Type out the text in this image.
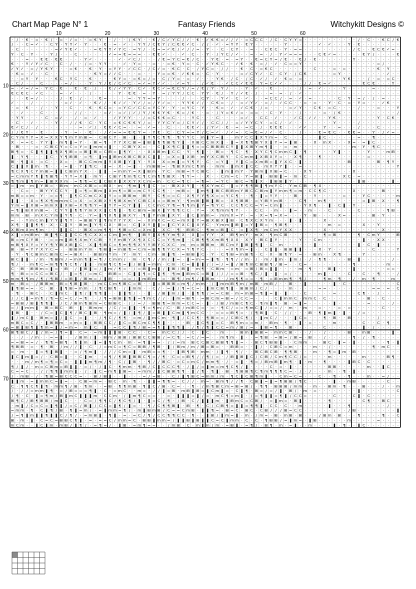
Chart Map Page N° 1	Fantasy Friends	Witchykitt Designs ©
· / · € · = · € / · = · ✓ = · · = € Y · · / · · / € Y · · € / C ✓ Y C / ✓ · € · ✓ € € = ✓ / ✓ · = C C C · / C · C Y Y = · · · · · · · · · · · / · C · · € C / €
/ · · C = ✓ · · C Y · Y Y ✓ · Y · · · € · = · ✓ · · Y Y / C € Y / C € € ✓ C · / / · ✓ · = Y Y · € Y · · · · · · Y · · · · · · ✓ · ✓ · · · Y · € · · · · · · · ·
· C · · · · · · · = ✓ Y € ✓ · · · = € Y Y ✓ Y C · = Y / · C = = ✓ € / ✓ / / = · Y · · C · C Y · · = · · C € C · Y · = = · · · · · · · · · · / C · · € C € ✓ = ·
Y · C · Y · · · Y / · · · C · · · · · · ✓ = = € = = = · · € € ✓ · · · ✓ · C · · Y · / Y C / ✓ · · = · = · / · Y ✓ = = = · · · C € ✓ = · · · · · € Y / · · · · €
· · · = · · € € · € € · · · · Y ✓ · · · · · ✓ · ✓ C / · · · / € = Y C = € / C · · Y € · = · = Y · · € = C Y = / € · · € / · € · · · · · · · Y · · · · · · · · ·
€ · · Y ✓ Y ✓ C · · C · / · · / = · Y Y · · · ✓ · Y = · · = · · = € · Y = · C · ✓ Y € C · · ✓ € · € · = / · ✓ · C = = Y · · · · · · · · · · · · · · · = / · · ·
✓ Y ✓ · = / Y € Y · · · = € · · € · Y · = Y Y · ✓ C C · / C ✓ = · € C · C · / Y C = · / / · · € · C · = € C · · · · · · · · C · · · = · = · · · · · · € · Y · ·
· € = · ✓ · · C · · · · · · · · · € Y = ✓ ✓ C · · · = · · · Y = = € · ✓ € € = · C · Y · · · · = ✓ C Y ✓ · C · C Y · / C € · · · · · = Y · · · · · · · · · ✓ · ·
· · = Y · Y · · · € C · Y C · · € · · · · € Y = · = € = / = · C / Y = · = · ✓ · · · Y € · / C · / C · ✓ / · ✓ · € = · = · · · · · · · · Y € · · · / · = · = C ·
· C / · · · C · · · · = / · · · Y · Y / € / C ✓ C · = ✓ = Y ✓ ✓ · · ✓ = Y · · / ✓ € · · ✓ C C ✓ € € · Y = C ✓ ✓ · · · · / / · € = ✓ · · · · · · € C € · · · Y ·
= · ✓ = / = · Y C · € · · € · € · / · · € / ✓ Y Y · C ✓ · € C ✓ = € C Y / = / € / Y · Y / · · · Y · ✓ · · € · · · · · / · = · ✓ · · · · Y · · · · · = · · · · ·
€ C € C · ✓ C · · · = · ✓ · · · / · · · · · Y · € € · = · Y · = / Y Y / C C · Y Y · € / · Y / ✓ € · / · · = · = · / · ✓ · · · · · · · · · · · · · · · · · · · ·
· · · € = / · · · · / · € · / · · · € = · · · · = · Y Y = = Y · · · · / · · · C Y · · Y ✓ · C · ✓ · · · = C C / · = · ✓ · = · · · · · C · Y · = / · / · = · · ·
✓ · · · / · · · · · · = ✓ · ✓ · · € ✓ / · € ✓ ✓ · Y ✓ / = / Y ✓ = · · Y Y € ✓ / · C € = · / · = ✓ Y ✓ · = / · ✓ C C · · = · = · · Y · C · = · Y = · · · ✓ € · ·
· = · € · · / · · Y · · C · · · € · € C = · = Y C ✓ C C = Y C Y · Y · = Y C · Y · · € = · ✓ · ✓ C € · / = · · · · = ✓ Y · · C € · = C · · · · / · · · = · · · Y
· · ✓ · · · C · · · · · · / / · · · · = ✓ · = ✓ / ✓ / Y / € € Y € · € = / € · · = · / Y = € ✓ = · = = · · C · Y · · · / · · · · = · / € · · · · · · · · · · · /
· Y Y · · · · C · = ✓ · · / · = · ✓ · · · ✓ Y Y Y · · / = C € € = C · · · Y C · · · C · · · · = ✓ · · C C · ✓ · · · ✓ C · ✓ ✓ · · Y € · · · · · · · · Y · C € ·
· C · · ✓ · · · · Y · · / / € · C · Y C · = € C € € Y / = · Y Y C Y = / C Y ✓ / · C C / / · = ✓ Y Y C Y · = C / · ✓ · · · · · · · · Y · · · · / · · · · · · · ·
€ ✓ C / · / · · · · · · · · = · ✓ / · € € ✓ C = · · = · ✓ = · · C · · · € € ✓ · / Y ✓ · € · = · = C · / · € € € · · · ✓ ✓ · · · Y · · = · · · / · · · C · · · ·
/ / € Y · · € · · · · Y · = · · € · · / ✓ = = = € € Y = · Y € · C · C Y = = Y / C = ✓ · / ✓ = · C = € = / ✓ · C · · · / · · · € = € C · · € € = · · Y · / ✓ = ·
C Y m Y Y = X = X X Y ¶ m Y m ⊞ = · C ⊞ C Y · ⊞ · ❚ · ❚ Y ¶ C ¶ ¶ · ¶ Y Y C · m ❚ Y = ❚ · · m Y C C ❚ X Y m = · C · · · · · · ❚ C · · · · · · = · · ¶ · · · · ·
X · = = C · Y Y ❚ · m ¶ ❚ = Y · · ⊞ = ¶ · Y Y X C ⊞ = ❚ ⊞ ❚ ¶ ¶ ⊞ ¶ Y ❚ · X ⊞ C C m X ❚ · ❚ = X ¶ ¶ ⊞ Y X ❚ Y = = ❚ ⊞ · · · X · m X · · · X = · = ❚ C · · · · ·
· ⊞ · · · = · C ⊞ C Y = C = Y = ❚ m m = ❚ · · C ⊞ Y X = · · C ❚ X ¶ C ❚ ❚ ¶ = = C ⊞ ⊞ ⊞ C Y ❚ ❚ X ⊞ Y m ¶ ❚ · · = · m · · · · · · · · · · · m · Y · ¶ C · · · ·
⊞ ¶ = · C ❚ ¶ ❚ ❚ ¶ X ¶ ⊞ = = ⊞ ❚ ⊞ = C ⊞ = ❚ ¶ Y · · · X X ⊞ m ❚ C C · Y · ¶ ❚ · · ⊞ = · ¶ C · ¶ · X Y C ¶ C m m C ❚ · ¶ · · · · · Y ❚ · · · · · Y · · · m ⊞ ·
❚ · Y ¶ · · · ❚ C · Y ¶ ⊞ ⊞ · = ¶ · ❚ m ❚ ⊞ m X ⊞ C ⊞ X C ❚ ❚ · = X = ❚ X ⊞ · m Y X C ⊞ Y · C C m m ❚ X ⊞ X Y = · · X ¶ · · · ¶ · · · · · · · · · = · · · · · ·
⊞ · ¶ ❚ X · = C · · X = · · ⊞ C C m m ❚ Y X ⊞ ❚ Y ❚ Y · Y X · X = m ❚ = Y ¶ Y · C · = Y ❚ · Y ❚ C = X m ⊞ = ❚ Y X C · ❚ · · · · · · · · · ⊞ · · · · · ⊞ · ¶ Y ·
C ❚ ❚ X ❚ m · ¶ · · · = ❚ · Y ❚ ¶ C · ❚ = · X · = ❚ · · m ⊞ ⊞ = · ¶ ⊞ X m C ¶ m · · m m · ❚ m X ❚ C C · m X Y Y ❚ · · = · · · · · · · · · · · · · · · · · · · Y
¶ C X ¶ C Y m ⊞ = ❚ ❚ C ⊞ m Y X · · ❚ ❚ · = m m Y = X ❚ ⊞ m · Y C · m ⊞ = Y C ⊞ C · · ❚ m ❚ m Y · Y ⊞ m ❚ X ⊞ = C · · · X Y · · · · · · · · X · · · · · · · · ·
= C m m Y ¶ ❚ ¶ ⊞ ¶ · Y Y = X ❚ · m Y · C ⊞ Y ¶ m ¶ C ¶ C m ¶ ¶ ⊞ X · ¶ Y = · · X · · C m = C · Y = ⊞ ❚ · ⊞ ⊞ ❚ = · m · C · · · · · · · X C · = · · · · · · · ·
¶ ¶ m ❚ ¶ m = ❚ ⊞ X X m · = ¶ ¶ = C ❚ C ⊞ X ❚ X X Y X C m = m · C C = ¶ C · = ¶ = · = Y C · ⊞ C = ¶ ❚ X · ❚ ⊞ ⊞ ❚ Y · · · · · · · · · · · · · ❚ ⊞ · · · · · ❚ ·
= ❚ m · m ❚ Y ⊞ = · ⊞ m · m C X ⊞ = = ⊞ X · m · ¶ m ❚ ¶ ❚ C · = · ⊞ X X Y ❚ · ¶ X Y m C · ❚ = Y ¶ ¶ ⊞ ❚ ¶ m Y C · Y m C ⊞ · ¶ X · · · · · · · · · · · · · · · ·
· · C = · · ⊞ Y Y C C Y · ❚ = ¶ = ⊞ m ❚ X m ¶ = ⊞ = m C Y C C ¶ · · m ⊞ = · ❚ m ¶ ❚ ⊞ C ⊞ ⊞ m Y ⊞ C C ⊞ m ❚ Y m m ¶ = m · C C ¶ C · · · · · X · · · · · ⊞ · · ·
m ⊞ = = m · Y · = = ¶ · ❚ ¶ C C m C X ❚ Y = = ⊞ ⊞ m · ⊞ Y · C ¶ = = C · X ¶ Y Y ¶ X = = Y C ¶ · · ¶ · ❚ = Y Y · · · ⊞ · · · Y · · · · · = · · · Y C · · · · · m
❚ ❚ · · X = ¶ X ¶ m m m C = X · = X ⊞ X Y ¶ ⊞ X m Y C ⊞ C X = = ⊞ m Y · ¶ m ⊞ ❚ ⊞ ❚ ⊞ = · X ¶ ⊞ ⊞ · = Y ⊞ Y m ⊞ · · · C ¶ · · m ¶ · · · · · · · = ❚ ⊞ · X · · ¶
Y m = ❚ X ⊞ = m m X ❚ X ⊞ = X ¶ ¶ Y = ❚ Y Y = C Y ❚ ❚ · C C m C Y ¶ = ¶ ¶ m ❚ Y = ¶ Y C · C C ¶ C C = Y = C m ❚ · · · · Y X ¶ · · ❚ · C ❚ · Y · · · · · · · · ·
= ¶ ❚ ⊞ X m ⊞ = · C Y Y ❚ ¶ ¶ Y m X X ❚ C ¶ ❚ · ¶ C ⊞ m = ⊞ X ❚ Y ¶ ¶ C C · Y = · X ¶ m m ¶ Y · · · C C · · m · · ❚ = · · m · · · C · · · · · C · · · · · ¶ ⊞ ·
m m · ⊞ · m X C Y m ❚ Y ¶ · C · Y = ❚ ¶ X ¶ ❚ ⊞ X Y · ¶ ❚ Y m ⊞ ❚ X Y · ❚ C ❚ m m = · m m X = Y · = · X = ¶ = X = · · · Y · ⊞ · · · · X = · · · · · ⊞ · Y · · ·
= · · Y m C m ❚ Y Y ❚ ¶ Y · = ⊞ ⊞ Y ❚ ¶ m Y Y Y X · = · X m X C = C = m X ❚ Y = ⊞ X ⊞ X ❚ ⊞ · C ¶ X C X Y m · · · ❚ · ❚ · · · · X · · · · · · · · · · · · · · ·
X ¶ · ❚ ❚ ¶ ¶ · X · C ❚ Y · ⊞ m ❚ Y ¶ C X · ⊞ = · C ❚ X Y ❚ ❚ = ❚ C Y X C ❚ X Y C · Y m m ❚ ⊞ ❚ = Y ❚ ⊞ = · ¶ ⊞ ¶ · · · · · · · · m · = · · · · X · · Y · · · ·
X ⊞ m X m ¶ m · · · ❚ ❚ C · · ⊞ X = m ¶ ¶ · ¶ ⊞ = C = X m ❚ · X C · ¶ · ⊞ ⊞ C · ¶ m = ⊞ ❚ C · = ❚ X ¶ · m C m Y X X · · · · · · X · · · · · · · · · · · X · · ·
X ❚ = m ⊞ m · ⊞ ❚ ¶ C ❚ ❚ C C ¶ C X X = C m ❚ m ¶ · ❚ ⊞ Y ❚ X ¶ Y m ¶ X · X ❚ = Y Y · X · ⊞ ¶ m Y · m X · ¶ m C ⊞ · · · · · · · ¶ = ⊞ · · · · ¶ · C m Y · · · ⊞
⊞ = m C Y ⊞ · · = = m ❚ ⊞ ¶ X m Y C ⊞ · Y Y m ⊞ Y X ¶ X C C C = Y ¶ m ❚ · C ⊞ ¶ ¶ X m ⊞ ¶ X X · X Y · ⊞ C ❚ Y · · · · Y · · C m · · · · · · · · ❚ · · X X · · ·
m ⊞ ¶ X Y = Y Y ¶ Y ⊞ X ⊞ ❚ C · X ❚ ¶ ⊞ C = ¶ m ¶ ¶ X Y Y ⊞ Y C X C · m · m = ⊞ ⊞ m · ⊞ C m Y ❚ ⊞ ❚ ¶ ❚ · C · m · · · · · · ❚ · · · · · · · · ❚ · C · ❚ · · · ·
⊞ · ⊞ = Y Y X Y C = · · ⊞ ⊞ m Y m · ¶ ⊞ ❚ = m ⊞ ¶ = C m = ⊞ ¶ ¶ Y C X = Y ¶ Y C · · · · = X ¶ m = ❚ · · C ❚ ❚ · ⊞ ⊞ ❚ ❚ · · · X · Y · · · · · · · · C · · · · Y
· Y · ¶ C ⊞ m C ⊞ m C = = ⊞ X · · ⊞ ⊞ m Y m · Y · m Y · C m · ⊞ ❚ ¶ · = ⊞ ⊞ ❚ C · Y · C ¶ ⊞ = m ⊞ ¶ · C · X · ⊞ ¶ Y · = · · ⊞ m · · X ¶ · · · · Y · · · · · · ·
⊞ C ❚ ❚ · / m · ¶ ⊞ m / = m m ¶ ❚ = ¶ / C m m / · m · C ¶ / / m / ❚ = · ❚ = m = = ❚ ¶ · ¶ ¶ / / m · / · m / ❚ m · ❚ m / · / · ¶ ¶ · · · · ⊞ · ❚ · · · · · · / ·
¶ / · · m ¶ C = m ¶ ¶ ¶ C ¶ / ❚ ❚ · m ⊞ ¶ C ¶ = ❚ / ⊞ ❚ = m m · C m · C = ❚ ❚ ❚ / / = / = ❚ / ⊞ ¶ m C ⊞ ⊞ ¶ / ⊞ = · · C = · · · · · · · · · ¶ · · · · · · m · ·
C · ⊞ · ⊞ ⊞ m = ❚ = · ⊞ · / ❚ ⊞ ❚ = / ❚ m / ¶ = · / = ⊞ ❚ m ❚ / ❚ ⊞ / ⊞ ❚ · m ¶ · C ⊞ m · = m · = ⊞ / ⊞ = ❚ ❚ · · · · m · ¶ · · · ⊞ ❚ · · · ❚ · · · · · · = = ·
¶ · ⊞ = = C C = ⊞ C / · ❚ = ¶ / = m C · ⊞ ⊞ = · C ❚ ❚ ¶ = C ❚ ¶ · ¶ m ❚ ⊞ m C = ⊞ ❚ / / / = = ⊞ · ¶ C / ❚ · ❚ · = / · · · · · m ❚ · · · · C · · C · · ¶ · · · /
m m ¶ ¶ m / ¶ / ¶ ⊞ / = ⊞ ❚ / ⊞ m = / ❚ ⊞ · · = = / ❚ m ⊞ m · = · ⊞ ¶ / m ¶ / ❚ ⊞ m · · / m ¶ ¶ = = · ¶ · = ⊞ m m ¶ · ¶ / · · · ¶ m · ¶ · · / · m · ¶ · · · m ·
m · ⊞ = · / ⊞ ⊞ m · ⊞ = ¶ ⊞ ❚ ⊞ · · m C C m ¶ ⊞ C = ⊞ · · ❚ = ⊞ ⊞ ⊞ = m ¶ / m m · / ❚ m m ⊞ ¶ m / m ⊞ · m ⊞ / · · ⊞ · · ❚ · · · · · ❚ · C · · · · · · · · · · C
❚ ¶ ⊞ = = · C · ⊞ · ❚ ¶ ⊞ = m m · / ¶ C ⊞ ¶ · / ❚ m m · · C / · = ❚ / ¶ = C = · ❚ m C ⊞ ¶ ❚ · ⊞ ⊞ m / C / · · · · m · · · · · = = · · · · · · · · · = = · = · C
· ¶ · · ⊞ C · · C ❚ m C · ❚ ¶ / ❚ ¶ ¶ ❚ · · ❚ ❚ ¶ / · · ❚ · / ⊞ ❚ m / ❚ · ❚ ¶ ¶ / = = C ⊞ · m = m ⊞ = ¶ ❚ = ❚ · ❚ · · · C · · · · · = · · · · C ¶ · · / · · · ·
/ / C ❚ = m ¶ / ¶ = C = C / = ¶ · · / ¶ = ⊞ ⊞ ❚ ¶ ❚ = ¶ m C / / · ❚ m = ⊞ ¶ · = ⊞ C m = ⊞ = / C C = · · · · C ❚ m m C · m m C · C · · · · · · · · ⊞ · · C · · ·
= ⊞ ⊞ / ⊞ ❚ ¶ ¶ ❚ · / C / ⊞ m ¶ ⊞ m = C ⊞ ⊞ C · / / = / · ⊞ ⊞ ¶ = m m = C C = · ❚ · / ⊞ / m ⊞ C ¶ C · ¶ m ❚ ¶ · ⊞ · = ❚ = · · · · · ❚ · · · · · · = · · · · / ·
= / ❚ m m ❚ · ⊞ = ⊞ C · ⊞ · ❚ · ⊞ m m · / C / = ❚ ❚ · ¶ = ¶ m / C · ⊞ / m ⊞ C = · = · ¶ C / = = ¶ m C ❚ / = = / · m · · m · · = · · · = · = · · · · · · C · · ·
❚ ⊞ · ❚ · · / C = ❚ C ❚ ¶ / ⊞ C ❚ ⊞ · ¶ m = / ❚ / ❚ ¶ / ❚ = ⊞ ❚ ❚ C m ❚ ¶ m C C · · = = = ⊞ ¶ = · / ¶ ⊞ ❚ · C · / / · · · ⊞ · ¶ ❚ m ❚ · ❚ · · / = · · · · · · ·
❚ / m C ❚ · ⊞ m = ❚ / ❚ C · = ❚ · · / ¶ C / ¶ ¶ · = m / ❚ m C m · ¶ ❚ / C C ¶ · ¶ ⊞ = = / C ⊞ C ¶ / · ❚ m C / · · · ❚ C = · · · ¶ · ⊞ · · ⊞ · · · · · / · · · ·
m ⊞ C = C / · ❚ ⊞ ⊞ m · = m = ❚ / ⊞ ⊞ C C / ❚ C = ⊞ C m C ¶ ¶ ❚ · · · · ⊞ · ❚ C ¶ ❚ = C · ⊞ ¶ m = = m / · ⊞ m · ¶ · · ❚ · = · · · · m · · · · · C · · C · ¶ · ·
= ⊞ ❚ ⊞ ¶ ❚ ¶ m = ❚ / = m = · m ❚ C · ❚ · = C C ❚ ¶ / ⊞ = = ¶ ❚ ❚ ¶ ¶ ❚ · / ¶ / ¶ ❚ C C = m / ⊞ / = · ❚ ⊞ = ¶ · · ⊞ · · · · · · C · · · · · · · ❚ · / · · · · ·
⊞ ¶ ⊞ C / ❚ / m = / ¶ = ❚ · C = · = m ❚ ❚ ❚ ⊞ · C C · · C = · m C C / / · C · ❚ C · · m · · · ⊞ m ❚ ⊞ ⊞ = · m m C ⊞ · · · / · · / · · · · ⊞ · · m ⊞ · · · · ❚ ·
· · / · / m · · = = ❚ · · / ⊞ m / ❚ · ⊞ m / ⊞ ⊞ / ⊞ ⊞ C C ⊞ ⊞ / = C ¶ · = C / = = · · m ¶ m · ❚ · · = ¶ ⊞ · = ⊞ = / ⊞ = · ⊞ · · / · · · · · ¶ · / · ¶ · · · · ·
= = ⊞ = = / · ¶ ¶ = ⊞ ¶ · ¶ ❚ m · ❚ = ❚ ¶ C m · m · = ¶ ❚ = = · / / = m · ⊞ C C ⊞ C ⊞ ⊞ ¶ ¶ ❚ = · · ⊞ C ¶ ⊞ ⊞ ❚ · · C m m · · · ⊞ C · ❚ = · ❚ · · · · · · ¶ · ❚
¶ ⊞ ⊞ · = · ¶ · ⊞ · / m / / ❚ · C · / = m C = ¶ C = ⊞ ⊞ / ¶ ⊞ · ❚ / ⊞ m / m / ⊞ = ⊞ = · · ⊞ ⊞ = · · ❚ / · C ⊞ C = m · · · · m · · / · · · · · · · · ¶ · m C · ·
= · m · · ❚ = ¶ ❚ ⊞ ❚ · · = / ¶ m ❚ · / / / C m = ❚ · m ⊞ = = ¶ · · ❚ ⊞ ¶ ⊞ · m m · / ❚ ¶ · ¶ / · · ⊞ C ⊞ C ⊞ · ¶ ¶ ⊞ · · · m · · ¶ = ❚ m · ⊞ · · · · · · · · ·
❚ C ❚ m ❚ = / · C ⊞ = ❚ · · C ❚ m · · = ¶ / ¶ ⊞ ❚ ⊞ ⊞ C ¶ = / ¶ · C = = ⊞ ¶ / / ¶ / = · / ⊞ ❚ ⊞ ❚ C / C ⊞ / C m ¶ C C / = · · · · m · · · · · · m · · · · ⊞ ¶ ·
· · · m / m ¶ = ¶ = C = · ❚ ❚ ❚ m ¶ m / ¶ · C / ❚ ⊞ · · ¶ / / ⊞ C · = C = m C / m m ¶ · / · = ❚ · ¶ = / ⊞ m ⊞ ❚ m ¶ · ❚ · m · · ¶ · · · · ❚ ⊞ C · C · · · · · ·
¶ / ❚ / · m = C ⊞ m = ⊞ ❚ ❚ · = / · / ❚ C · ¶ m m · ¶ ⊞ / C ❚ C C C ¶ · / ❚ / = ❚ m = m ¶ C ¶ / ❚ · · · · C · = · ❚ · · · · · · · ⊞ ⊞ · · · · · · m · · ❚ C · ·
C = = C · · / / ¶ ¶ ❚ m m ❚ · / · ❚ C = m ¶ ❚ ⊞ = · = m m / ❚ C ⊞ ⊞ ¶ ¶ · ❚ / ¶ · ¶ ❚ · ⊞ · ¶ ⊞ ⊞ ¶ C ¶ m ¶ ¶ ¶ C = · / · / · · · m · · ¶ · ❚ · · · · · · · · ·
/ · m ⊞ · / · ¶ ⊞ = ⊞ C C C = · · ⊞ / ⊞ ❚ · · ❚ · · · = / = ⊞ · · C / ❚ ¶ ⊞ C = m m / m · ¶ C ❚ C ⊞ ¶ m ❚ · · C m = C = · · · C · · ¶ · · ¶ · · · m · · = / · ·
❚ ❚ m · = ❚ m m C = ❚ = · · C ⊞ = m = · ⊞ C · m · ¶ · · ❚ ❚ = ¶ ¶ = · C / / · m = · ⊞ m ¶ / / ¶ · C ⊞ ❚ = ❚ = ¶ ⊞ ⊞ / ¶ C · · · · · ❚ · · m ⊞ · · · · · · C · ·
C · ¶ ¶ C ¶ ❚ ¶ · m m ¶ / ⊞ · ¶ m · · = ⊞ · ¶ ¶ m ⊞ · ¶ ❚ C / ⊞ · C = · · ¶ · / m ¶ ⊞ C m = ⊞ = ⊞ / · ¶ ¶ · ⊞ ⊞ ⊞ / m m · · m · · ⊞ m · ¶ · · · ⊞ · · · / · · m
/ · / / = m m ❚ ¶ · = / ⊞ = = = ¶ ❚ · C · = m C · · m = · / / ❚ = ⊞ · m ⊞ ❚ ⊞ = ❚ C m ❚ = · C ❚ ¶ · ⊞ = / = / ❚ · ⊞ / · m · = · · · · · · · · ❚ · · · · · · · C
/ ¶ · C · ❚ = ¶ m / ⊞ ❚ m C ❚ ❚ ❚ m · C C m · / ❚ m ¶ C = = · · = · ❚ ❚ ❚ = ❚ / = · m C ¶ = m ❚ · / = ¶ ❚ ❚ = ¶ ❚ / C C = · · · · · C · · · C ❚ · C · · · · · ·
⊞ ¶ C / ⊞ ¶ ⊞ ⊞ / m ❚ C · · · C = / ¶ ¶ C / ¶ C ¶ / ❚ · ❚ = C / ¶ · / ⊞ · C / ❚ ❚ ❚ m · ❚ ⊞ m C = C ⊞ / · = ❚ m = · ⊞ ❚ · · · · · ¶ · · · · · · C ¶ · · ⊞ C · ·
· m ❚ / C = C = ❚ ¶ ❚ / = C / ⊞ ❚ / C C = ❚ ¶ / ❚ = · · ¶ / C ¶ ¶ ⊞ ❚ · ⊞ · ¶ · C / C ⊞ ¶ = ❚ ❚ = ¶ ¶ ❚ · C C · C · · m · · · · · ❚ · · · ¶ · · · · · · · / · ·
= m m · ¶ · C ❚ ¶ / ⊞ · ¶ ❚ = m / · = ❚ m m = ¶ / · m ❚ ⊞ m ⊞ / C = = C m ⊞ · ❚ ❚ ¶ = · ⊞ = C · ⊞ C · C ⊞ / / / ⊞ = C C · · · · · · / · · / ⊞ · · · · · · · · ❚
/ = ¶ ❚ m ❚ ❚ ¶ ❚ ❚ C / ¶ / · = m ⊞ ❚ · ¶ ❚ · = · = C / ¶ / C C ¶ ¶ C C · ¶ · · ❚ ⊞ / ❚ m = ❚ · m · / m = · ⊞ · m ⊞ · ⊞ · · · / ⊞ m · ⊞ · · · ¶ · · · · ¶ · · C
⊞ · m · ❚ · C = C = ⊞ ⊞ C ¶ ❚ · = · = = C / m m = C · ⊞ ⊞ ❚ m m = / ❚ ❚ ⊞ ❚ ⊞ ❚ ❚ C = C ❚ m m · C · C · ¶ ⊞ ⊞ / = ❚ m = · ❚ ⊞ · · · · · · m · · · · · = · · · ·
m C m · · ❚ C ❚ m · m ⊞ / ❚ ¶ / · = ¶ = / · ❚ ⊞ · = m ¶ = = · · / m ⊞ · C · m ❚ m / m · = ⊞ ❚ · = ¶ / · ⊞ ¶ · m · = ❚ · · m · · · · ❚ · ¶ · · ❚ C · · · · · · ·
10	20	30	40	50	60
10
20
30
40
50
60
70
